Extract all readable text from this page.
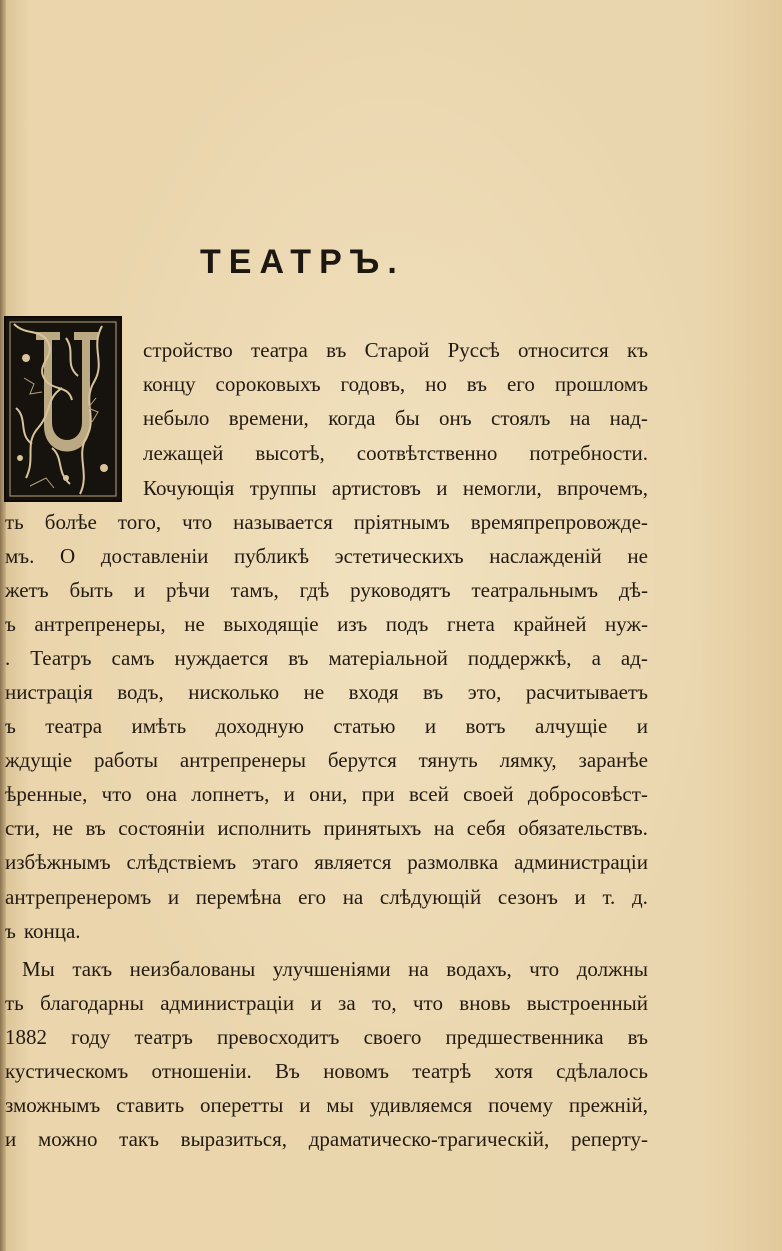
ТЕАТРЪ.
стройство театра въ Старой Руссѣ относится къ
концу сороковыхъ годовъ, но въ его прошломъ
небыло времени, когда бы онъ стоялъ на над-
лежащей высотѣ, соотвѣтственно потребности.
Кочующія труппы артистовъ и немогли, впрочемъ,
ть болѣе того, что называется пріятнымъ времяпрепровожде-
мъ. О доставленіи публикѣ эстетическихъ наслажденій не
жетъ быть и рѣчи тамъ, гдѣ руководятъ театральнымъ дѣ-
ъ антрепренеры, не выходящіе изъ подъ гнета крайней нуж-
. Театръ самъ нуждается въ матеріальной поддержкѣ, а ад-
нистрація водъ, нисколько не входя въ это, расчитываетъ
ъ театра имѣть доходную статью и вотъ алчущіе и
ждущіе работы антрепренеры берутся тянуть лямку, заранѣе
ѣренные, что она лопнетъ, и они, при всей своей добросовѣст-
сти, не въ состояніи исполнить принятыхъ на себя обязательствъ.
избѣжнымъ слѣдствіемъ этаго является размолвка администраціи
антрепренеромъ и перемѣна его на слѣдующій сезонъ и т. д.
ъ конца.
Мы такъ неизбалованы улучшеніями на водахъ, что должны
ть благодарны администраціи и за то, что вновь выстроенный
1882 году театръ превосходитъ своего предшественника въ
кустическомъ отношеніи. Въ новомъ театрѣ хотя сдѣлалось
зможнымъ ставить оперетты и мы удивляемся почему прежній,
и можно такъ выразиться, драматическо-трагическій, реперту-
